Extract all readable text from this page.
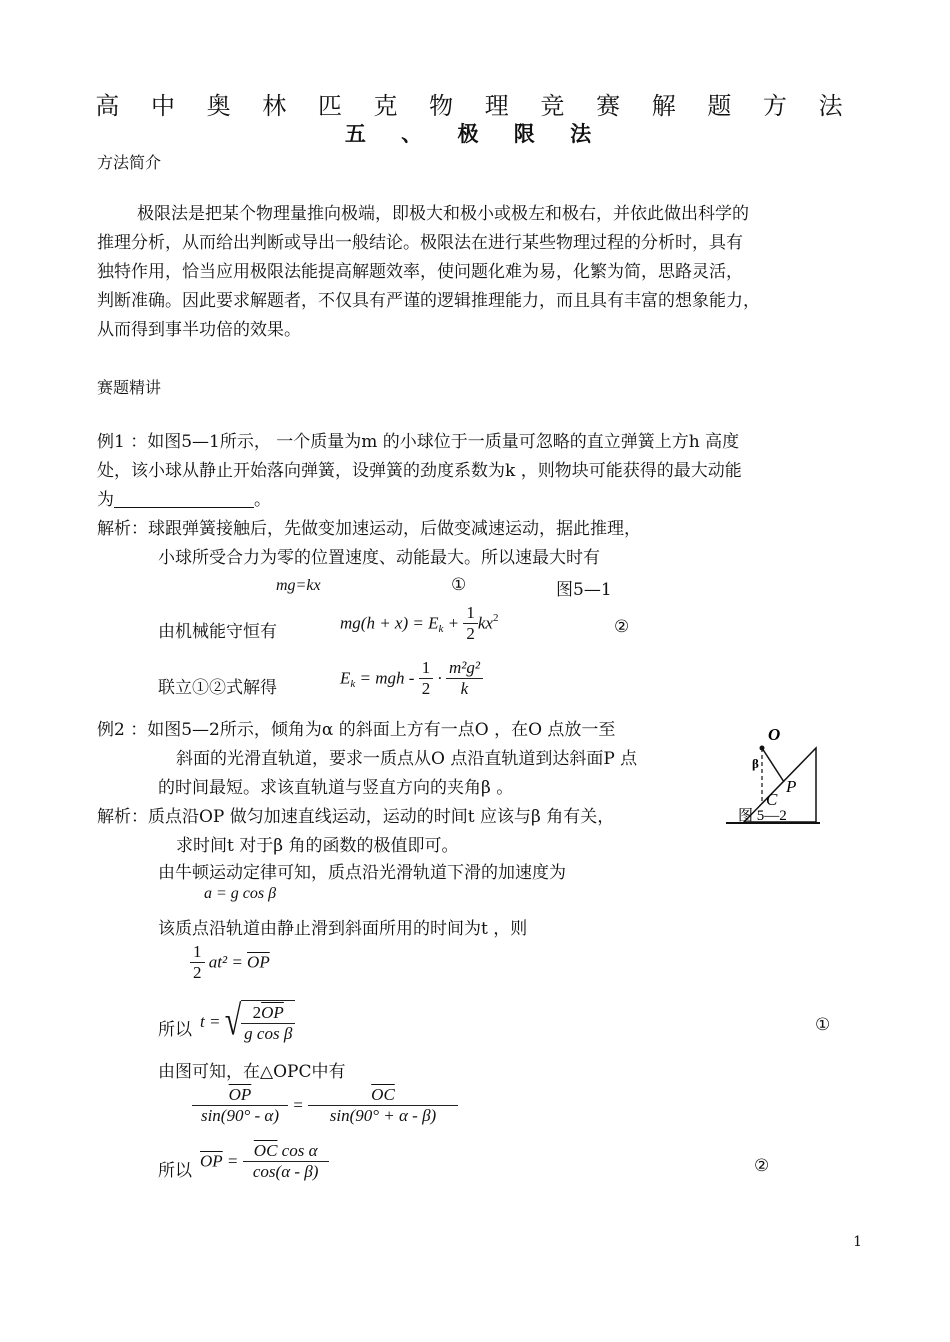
高 中 奥 林 匹 克 物 理 竞 赛 解 题 方 法
五 、 极 限 法
方法简介
极限法是把某个物理量推向极端，即极大和极小或极左和极右，并依此做出科学的
推理分析，从而给出判断或导出一般结论。极限法在进行某些物理过程的分析时，具有
独特作用，恰当应用极限法能提高解题效率，使问题化难为易，化繁为简，思路灵活，
判断准确。因此要求解题者，不仅具有严谨的逻辑推理能力，而且具有丰富的想象能力，
从而得到事半功倍的效果。
赛题精讲
例1 ：如图5—1所示， 一个质量为m 的小球位于一质量可忽略的直立弹簧上方h 高度
处，该小球从静止开始落向弹簧，设弹簧的劲度系数为k ，则物块可能获得的最大动能
为	。
解析：球跟弹簧接触后，先做变加速运动，后做变减速运动，据此推理，
小球所受合力为零的位置速度、动能最大。所以速最大时有
mg=kx	①	图5—1
由机械能守恒有	$mg(h + x) = E_k + \frac{1}{2} kx^2$	②
联立①②式解得	$E_k$ = mgh - $\frac{1}{2} \cdot \frac{\text{m²g²}}{k}$
例2 ：如图5—2所示，倾角为α 的斜面上方有一点O ，在O 点放一至
斜面的光滑直轨道，要求一质点从O 点沿直轨道到达斜面P 点
的时间最短。求该直轨道与竖直方向的夹角β 。
解析：质点沿OP 做匀加速直线运动，运动的时间t 应该与β 角有关，
求时间t 对于β 角的函数的极值即可。
O
β
P
C
图 5—2
由牛顿运动定律可知，质点沿光滑轨道下滑的加速度为
a = g cos β
该质点沿轨道由静止滑到斜面所用的时间为t ，则
$\frac{1}{2} at^2 = \overline{OP}$
所以 t = √ $\frac{2\overline{OP}}{\text{g cos β}}$	①
由图可知，在△OPC中有
$\frac{\overline{OP}}{\sin(90^\circ - \alpha)} = \frac{\overline{OC}}{\sin(90^\circ + \alpha - \beta)}$
所以 $\overline{OP} = \frac{\overline{OC} \cos \alpha}{\cos(\alpha - \beta)}$	②
1
